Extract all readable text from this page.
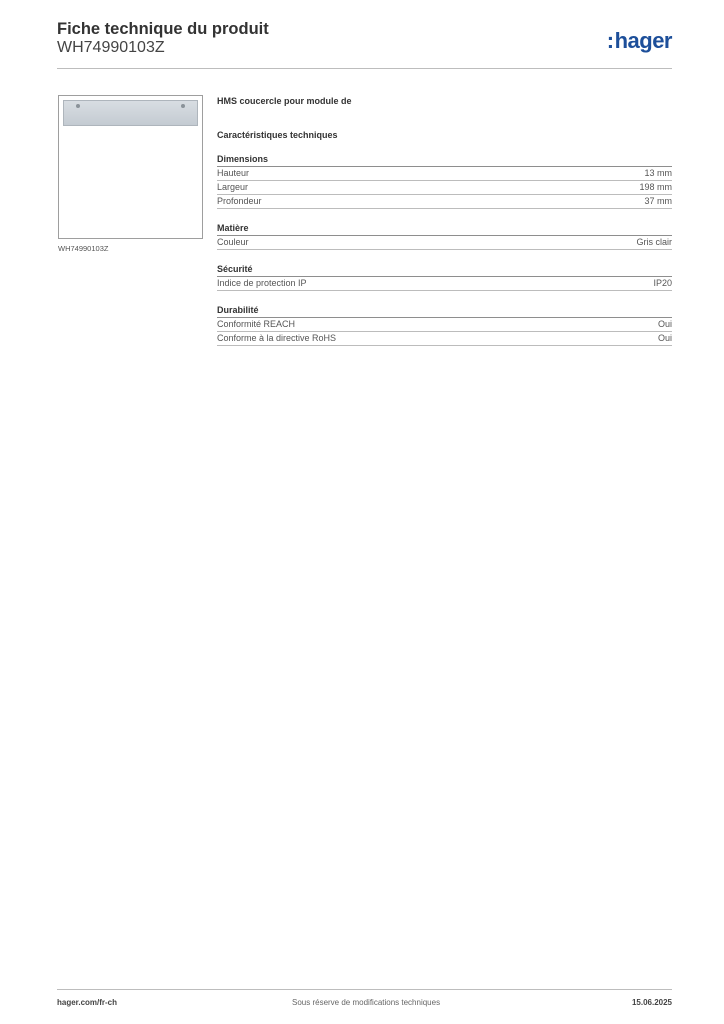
Fiche technique du produit
WH74990103Z	:hager
WH74990103Z
HMS coucercle pour module de
Caractéristiques techniques
Dimensions
Hauteur	13 mm
Largeur	198 mm
Profondeur	37 mm
Matière
Couleur	Gris clair
Sécurité
Indice de protection IP	IP20
Durabilité
Conformité REACH	Oui
Conforme à la directive RoHS	Oui
hager.com/fr-ch	Sous réserve de modifications techniques	15.06.2025
